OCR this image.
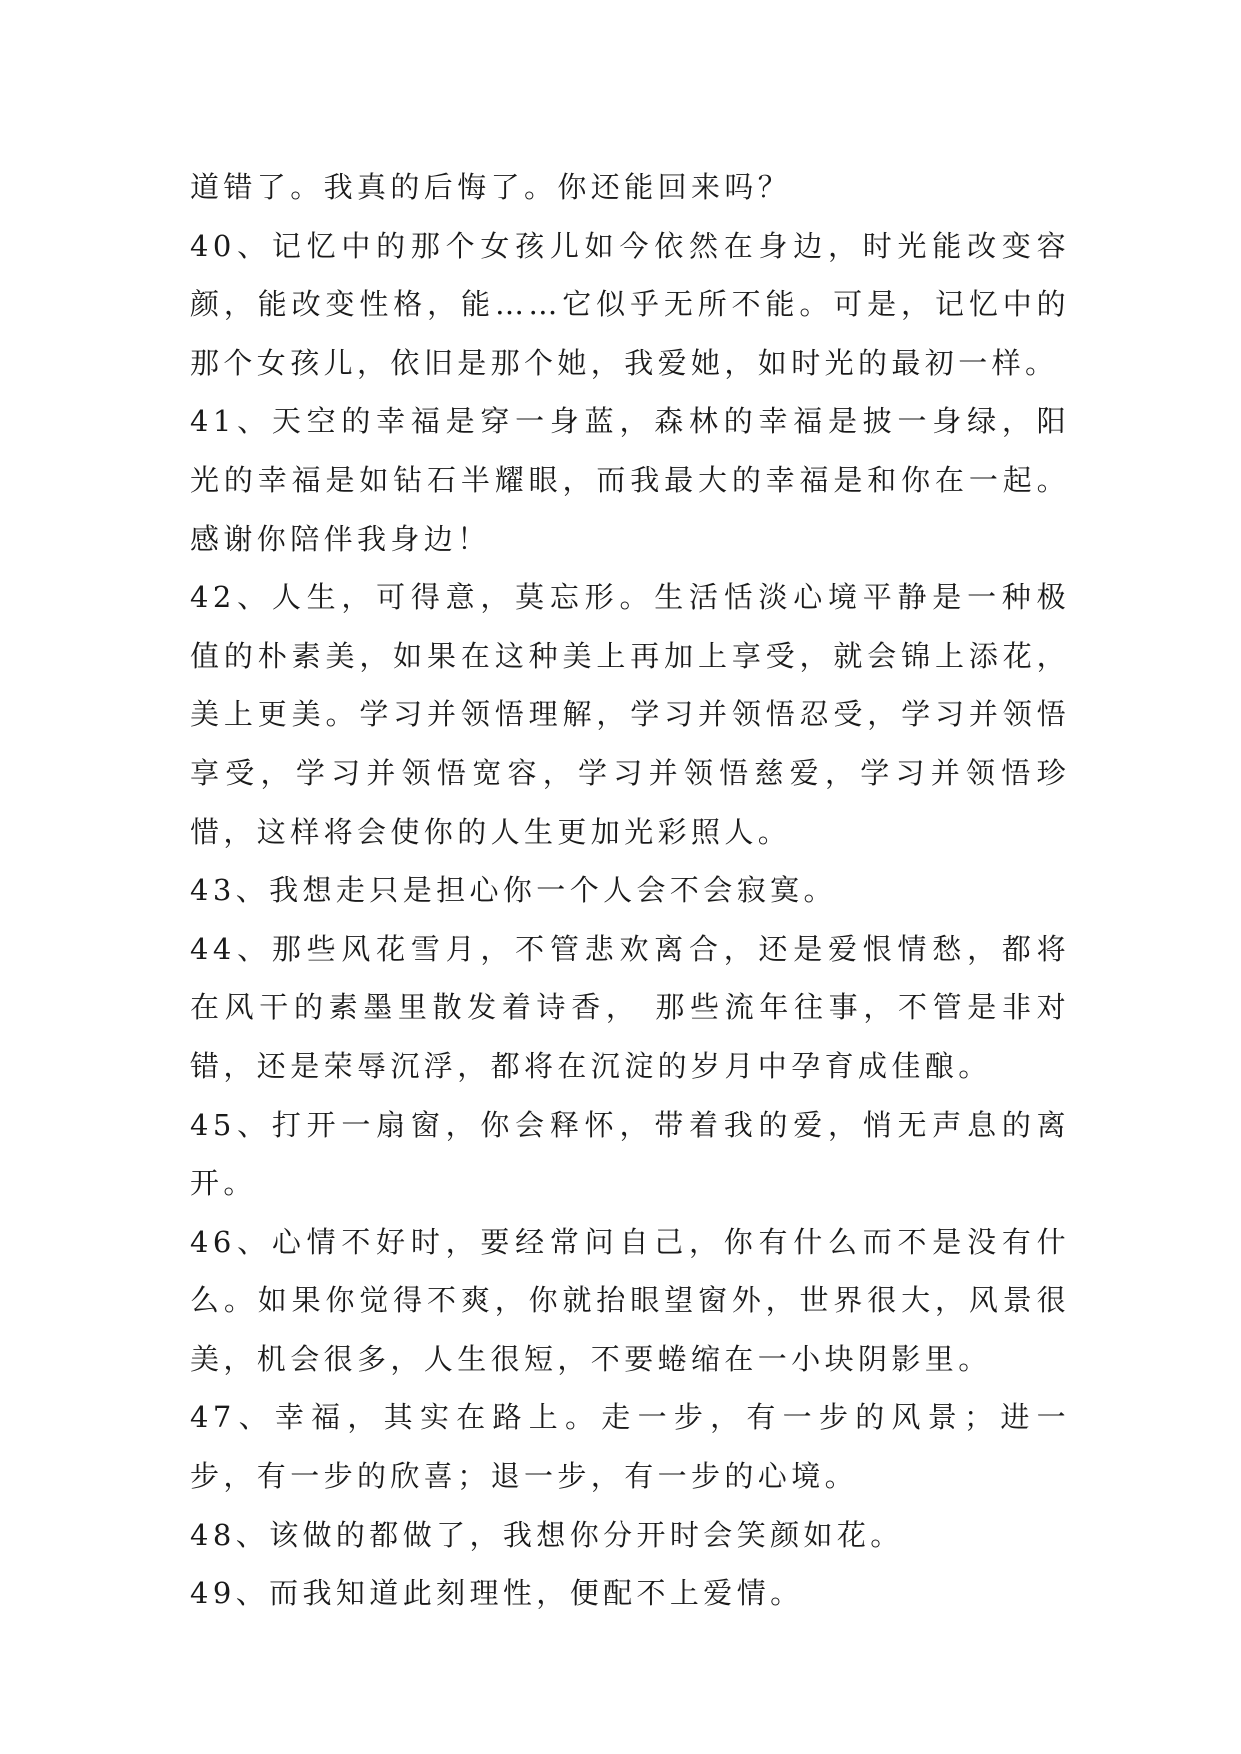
道错了。我真的后悔了。你还能回来吗？

40、记忆中的那个女孩儿如今依然在身边，时光能改变容颜，能改变性格，能……它似乎无所不能。可是，记忆中的那个女孩儿，依旧是那个她，我爱她，如时光的最初一样。

41、天空的幸福是穿一身蓝，森林的幸福是披一身绿，阳光的幸福是如钻石半耀眼，而我最大的幸福是和你在一起。感谢你陪伴我身边！

42、人生，可得意，莫忘形。生活恬淡心境平静是一种极值的朴素美，如果在这种美上再加上享受，就会锦上添花，美上更美。学习并领悟理解，学习并领悟忍受，学习并领悟享受，学习并领悟宽容，学习并领悟慈爱，学习并领悟珍惜，这样将会使你的人生更加光彩照人。

43、我想走只是担心你一个人会不会寂寞。

44、那些风花雪月，不管悲欢离合，还是爱恨情愁，都将在风干的素墨里散发着诗香， 那些流年往事，不管是非对错，还是荣辱沉浮，都将在沉淀的岁月中孕育成佳酿。

45、打开一扇窗，你会释怀，带着我的爱，悄无声息的离开。

46、心情不好时，要经常问自己，你有什么而不是没有什么。如果你觉得不爽，你就抬眼望窗外，世界很大，风景很美，机会很多，人生很短，不要蜷缩在一小块阴影里。

47、幸福，其实在路上。走一步，有一步的风景；进一步，有一步的欣喜；退一步，有一步的心境。

48、该做的都做了，我想你分开时会笑颜如花。

49、而我知道此刻理性，便配不上爱情。
